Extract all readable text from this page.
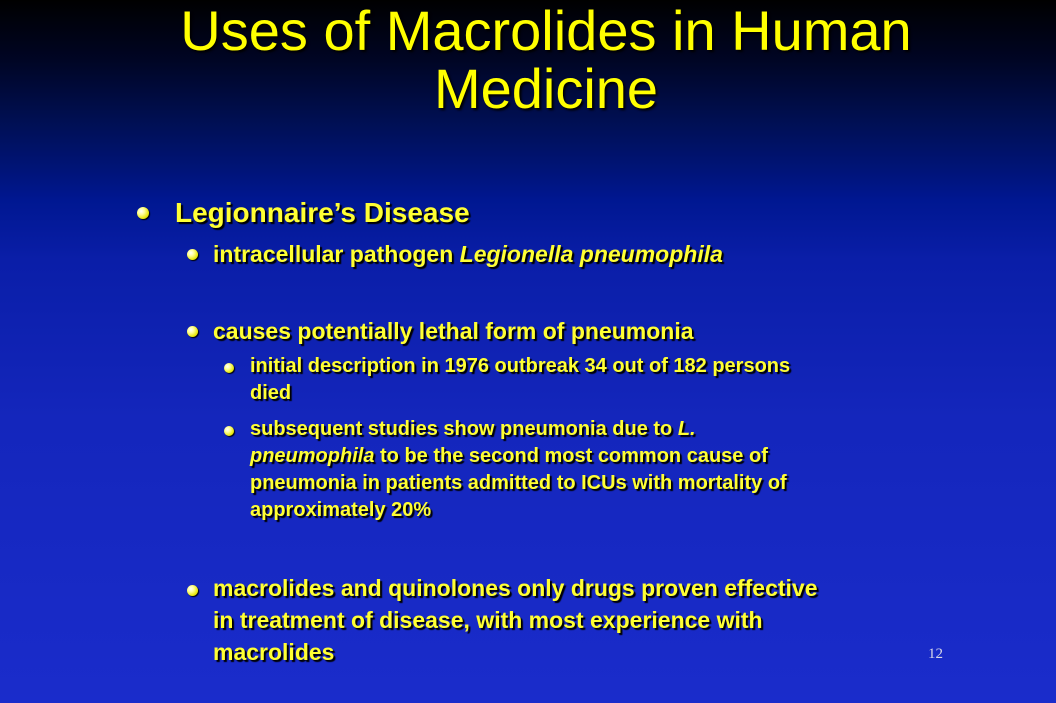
Uses of Macrolides in Human
Medicine
Legionnaire’s Disease
intracellular pathogen Legionella pneumophila
causes potentially lethal form of pneumonia
initial description in 1976 outbreak 34 out of 182 persons
died
subsequent studies show pneumonia due to L.
pneumophila to be the second most common cause of
pneumonia in patients admitted to ICUs with mortality of
approximately 20%
macrolides and quinolones only drugs proven effective
in treatment of disease, with most experience with
macrolides	12
